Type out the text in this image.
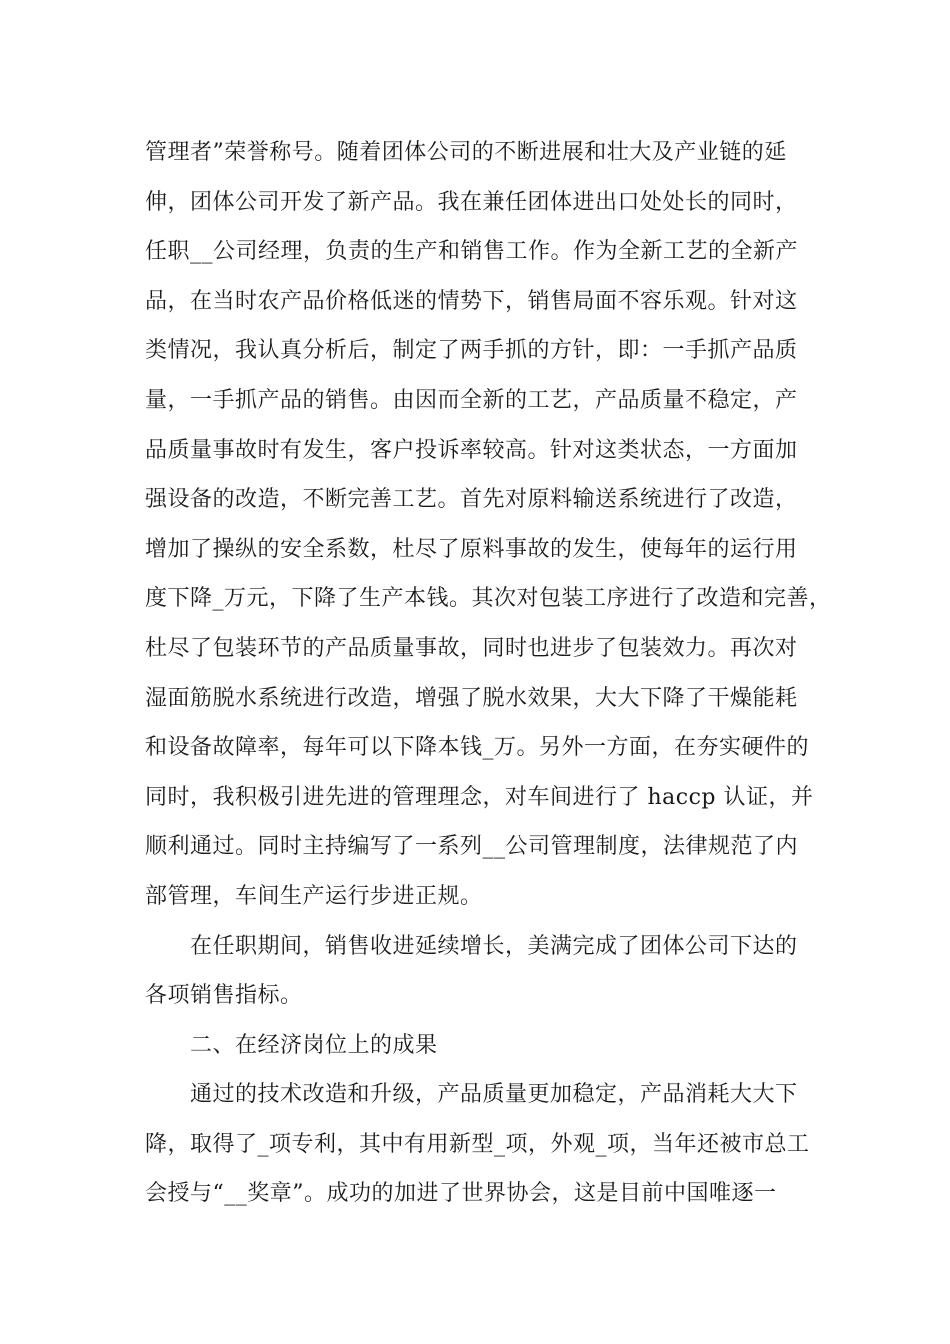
管理者”荣誉称号。随着团体公司的不断进展和壮大及产业链的延
伸，团体公司开发了新产品。我在兼任团体进出口处处长的同时，
任职__公司经理，负责的生产和销售工作。作为全新工艺的全新产
品，在当时农产品价格低迷的情势下，销售局面不容乐观。针对这
类情况，我认真分析后，制定了两手抓的方针，即：一手抓产品质
量，一手抓产品的销售。由因而全新的工艺，产品质量不稳定，产
品质量事故时有发生，客户投诉率较高。针对这类状态，一方面加
强设备的改造，不断完善工艺。首先对原料输送系统进行了改造，
增加了操纵的安全系数，杜尽了原料事故的发生，使每年的运行用
度下降_万元，下降了生产本钱。其次对包装工序进行了改造和完善，
杜尽了包装环节的产品质量事故，同时也进步了包装效力。再次对
湿面筋脱水系统进行改造，增强了脱水效果，大大下降了干燥能耗
和设备故障率，每年可以下降本钱_万。另外一方面，在夯实硬件的
同时，我积极引进先进的管理理念，对车间进行了 haccp 认证，并
顺利通过。同时主持编写了一系列__公司管理制度，法律规范了内
部管理，车间生产运行步进正规。
在任职期间，销售收进延续增长，美满完成了团体公司下达的
各项销售指标。
二、在经济岗位上的成果
通过的技术改造和升级，产品质量更加稳定，产品消耗大大下
降，取得了_项专利，其中有用新型_项，外观_项，当年还被市总工
会授与“__奖章”。成功的加进了世界协会，这是目前中国唯逐一
